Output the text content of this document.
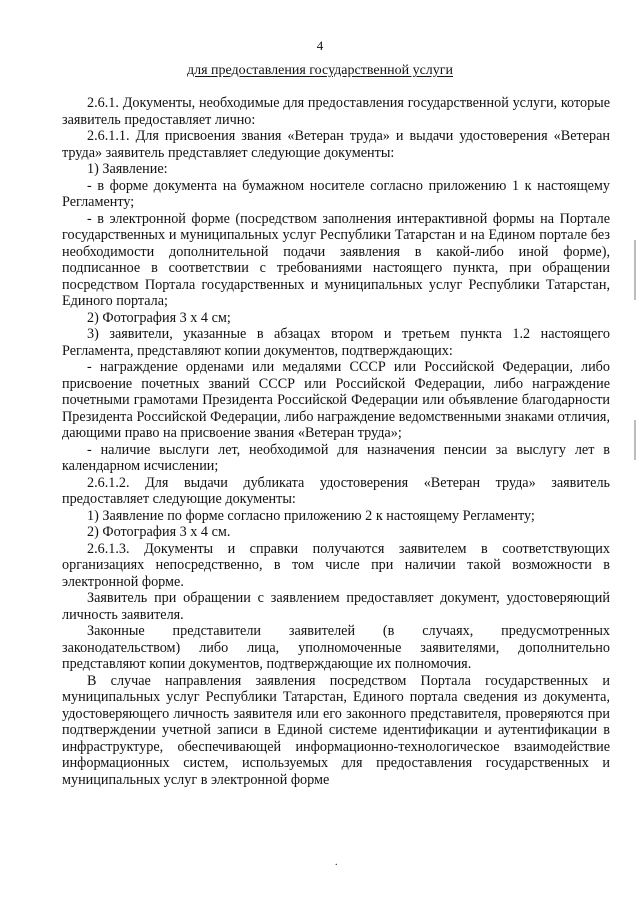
4
для предоставления государственной услуги

2.6.1. Документы, необходимые для предоставления государственной услуги, которые заявитель предоставляет лично:

2.6.1.1. Для присвоения звания «Ветеран труда» и выдачи удостоверения «Ветеран труда» заявитель представляет следующие документы:

1) Заявление:

- в форме документа на бумажном носителе согласно приложению 1 к настоящему Регламенту;

- в электронной форме (посредством заполнения интерактивной формы на Портале государственных и муниципальных услуг Республики Татарстан и на Едином портале без необходимости дополнительной подачи заявления в какой-либо иной форме), подписанное в соответствии с требованиями настоящего пункта, при обращении посредством Портала государственных и муниципальных услуг Республики Татарстан, Единого портала;

2) Фотография 3 х 4 см;

3) заявители, указанные в абзацах втором и третьем пункта 1.2 настоящего Регламента, представляют копии документов, подтверждающих:

- награждение орденами или медалями СССР или Российской Федерации, либо присвоение почетных званий СССР или Российской Федерации, либо награждение почетными грамотами Президента Российской Федерации или объявление благодарности Президента Российской Федерации, либо награждение ведомственными знаками отличия, дающими право на присвоение звания «Ветеран труда»;

- наличие выслуги лет, необходимой для назначения пенсии за выслугу лет в календарном исчислении;

2.6.1.2. Для выдачи дубликата удостоверения «Ветеран труда» заявитель предоставляет следующие документы:

1) Заявление по форме согласно приложению 2 к настоящему Регламенту;

2) Фотография 3 х 4 см.

2.6.1.3. Документы и справки получаются заявителем в соответствующих организациях непосредственно, в том числе при наличии такой возможности в электронной форме.

Заявитель при обращении с заявлением предоставляет документ, удостоверяющий личность заявителя.

Законные представители заявителей (в случаях, предусмотренных законодательством) либо лица, уполномоченные заявителями, дополнительно представляют копии документов, подтверждающие их полномочия.

В случае направления заявления посредством Портала государственных и муниципальных услуг Республики Татарстан, Единого портала сведения из документа, удостоверяющего личность заявителя или его законного представителя, проверяются при подтверждении учетной записи в Единой системе идентификации и аутентификации в инфраструктуре, обеспечивающей информационно-технологическое взаимодействие информационных систем, используемых для предоставления государственных и муниципальных услуг в электронной форме

.
